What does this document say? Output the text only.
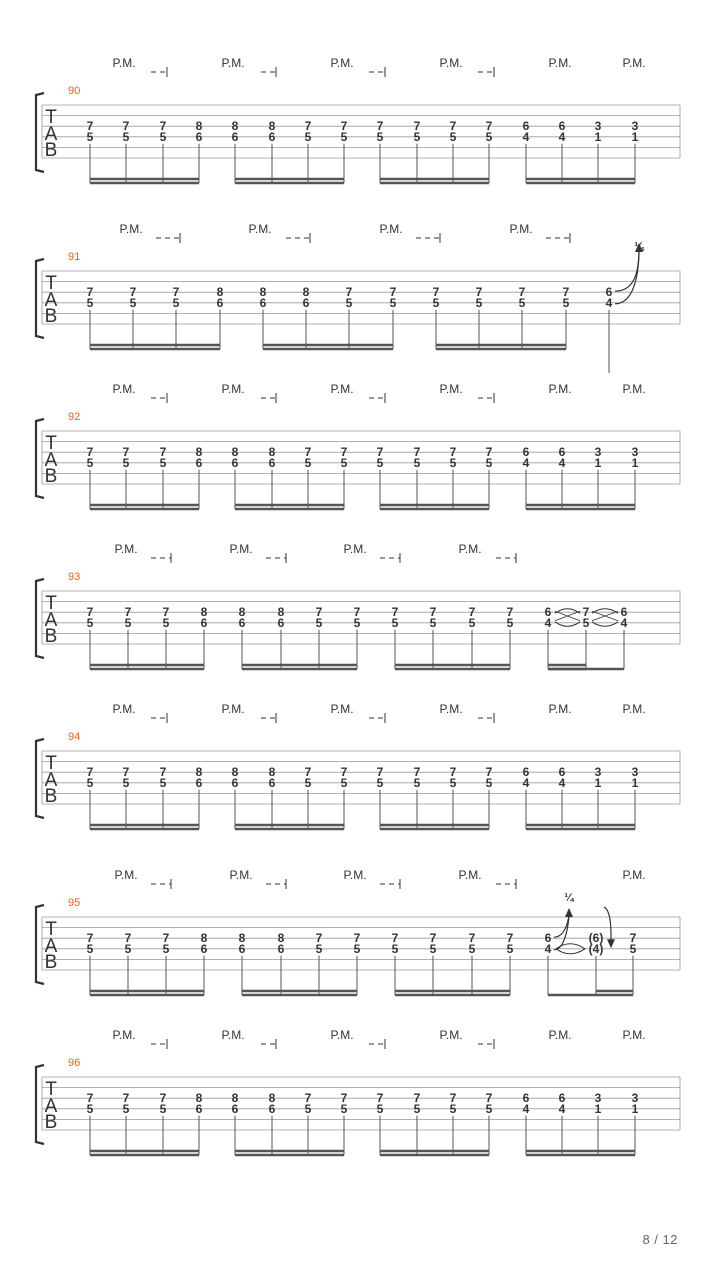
T
A
B
90
P.M.	P.M.	P.M.	P.M.	P.M.	P.M.
7
5
7
5
7
5
8
6
8
6
8
6
7
5
7
5
7
5
7
5
7
5
7
5
6
4
6
4
3
1
3
1
T
A
B
91
P.M.	P.M.	P.M.	P.M.
7
5
7
5
7
5
8
6
8
6
8
6
7
5
7
5
7
5
7
5
7
5
7
5
6
4
¼
T
A
B
92
P.M.	P.M.	P.M.	P.M.	P.M.	P.M.
7
5
7
5
7
5
8
6
8
6
8
6
7
5
7
5
7
5
7
5
7
5
7
5
6
4
6
4
3
1
3
1
T
A
B
93
P.M.	P.M.	P.M.	P.M.
7
5
7
5
7
5
8
6
8
6
8
6
7
5
7
5
7
5
7
5
7
5
7
5
6
4
7
5
6
4
T
A
B
94
P.M.	P.M.	P.M.	P.M.	P.M.	P.M.
7
5
7
5
7
5
8
6
8
6
8
6
7
5
7
5
7
5
7
5
7
5
7
5
6
4
6
4
3
1
3
1
T
A
B
95
P.M.	P.M.	P.M.	P.M.	P.M.
7
5
7
5
7
5
8
6
8
6
8
6
7
5
7
5
7
5
7
5
7
5
7
5
6
4
(6)
(4)
7
5
¼
T
A
B
96
P.M.	P.M.	P.M.	P.M.	P.M.	P.M.
7
5
7
5
7
5
8
6
8
6
8
6
7
5
7
5
7
5
7
5
7
5
7
5
6
4
6
4
3
1
3
1
8 / 12
